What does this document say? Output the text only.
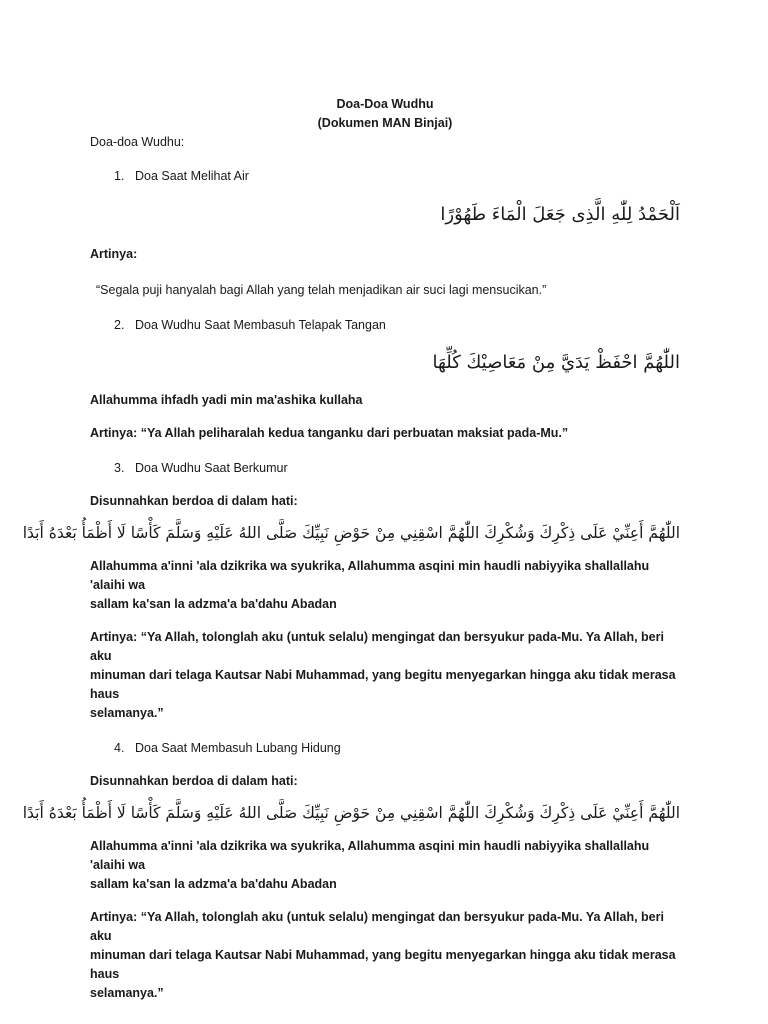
Doa-Doa Wudhu

(Dokumen MAN Binjai)

Doa-doa Wudhu:

1. Doa Saat Melihat Air

اَلْحَمْدُ لِلّٰهِ الَّذِى جَعَلَ الْمَاءَ طَهُوْرًا

Artinya:

“Segala puji hanyalah bagi Allah yang telah menjadikan air suci lagi mensucikan.”

2. Doa Wudhu Saat Membasuh Telapak Tangan

اللّٰهُمَّ احْفَظْ يَدَيَّ مِنْ مَعَاصِيْكَ كُلِّهَا

Allahumma ihfadh yadi min ma'ashika kullaha

Artinya: “Ya Allah peliharalah kedua tanganku dari perbuatan maksiat pada-Mu.”

3. Doa Wudhu Saat Berkumur

Disunnahkan berdoa di dalam hati:

اللّٰهُمَّ أَعِنِّيْ عَلَى ذِكْرِكَ وَشُكْرِكَ اللّٰهُمَّ اسْقِنِي مِنْ حَوْضِ نَبِيِّكَ صَلَّى اللهُ عَلَيْهِ وَسَلَّمَ كَأْسًا لَا أَظْمَأُ بَعْدَهُ أَبَدًا

Allahumma a'inni 'ala dzikrika wa syukrika, Allahumma asqini min haudli nabiyyika shallallahu 'alaihi wa

sallam ka'san la adzma'a ba'dahu Abadan

Artinya: “Ya Allah, tolonglah aku (untuk selalu) mengingat dan bersyukur pada-Mu. Ya Allah, beri aku

minuman dari telaga Kautsar Nabi Muhammad, yang begitu menyegarkan hingga aku tidak merasa haus

selamanya.”

4. Doa Saat Membasuh Lubang Hidung

Disunnahkan berdoa di dalam hati:

اللّٰهُمَّ أَعِنِّيْ عَلَى ذِكْرِكَ وَشُكْرِكَ اللّٰهُمَّ اسْقِنِي مِنْ حَوْضِ نَبِيِّكَ صَلَّى اللهُ عَلَيْهِ وَسَلَّمَ كَأْسًا لَا أَظْمَأُ بَعْدَهُ أَبَدًا

Allahumma a'inni 'ala dzikrika wa syukrika, Allahumma asqini min haudli nabiyyika shallallahu 'alaihi wa

sallam ka'san la adzma'a ba'dahu Abadan

Artinya: “Ya Allah, tolonglah aku (untuk selalu) mengingat dan bersyukur pada-Mu. Ya Allah, beri aku

minuman dari telaga Kautsar Nabi Muhammad, yang begitu menyegarkan hingga aku tidak merasa haus

selamanya.”
